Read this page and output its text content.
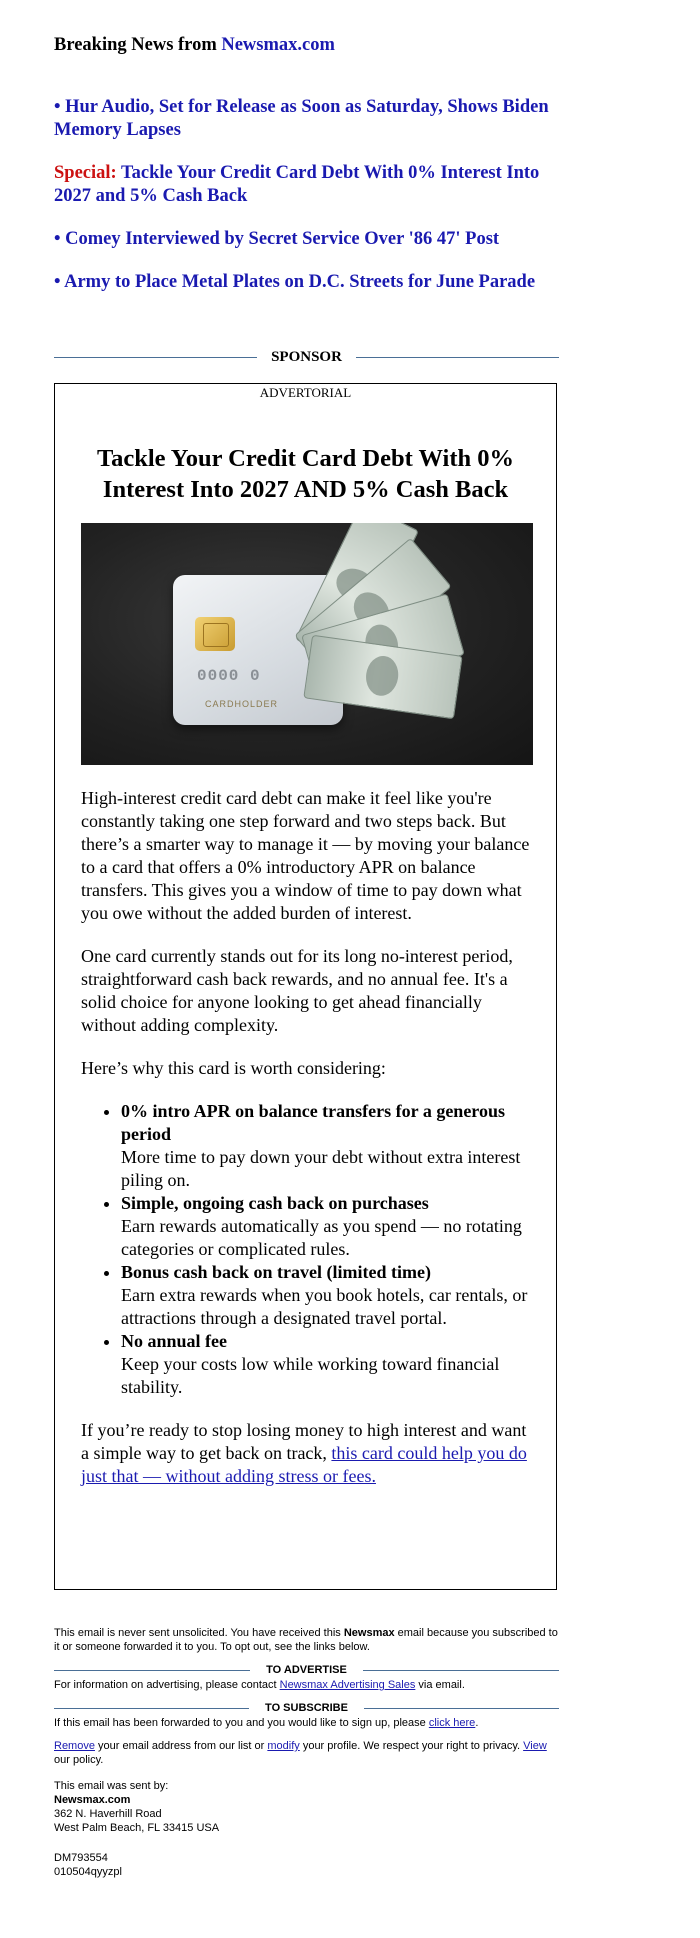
Breaking News from Newsmax.com
• Hur Audio, Set for Release as Soon as Saturday, Shows Biden Memory Lapses
Special: Tackle Your Credit Card Debt With 0% Interest Into 2027 and 5% Cash Back
• Comey Interviewed by Secret Service Over '86 47' Post
• Army to Place Metal Plates on D.C. Streets for June Parade
SPONSOR
ADVERTORIAL
Tackle Your Credit Card Debt With 0% Interest Into 2027 AND 5% Cash Back
0000 0
CARDHOLDER

High-interest credit card debt can make it feel like you're constantly taking one step forward and two steps back. But there’s a smarter way to manage it — by moving your balance to a card that offers a 0% introductory APR on balance transfers. This gives you a window of time to pay down what you owe without the added burden of interest.

One card currently stands out for its long no-interest period, straightforward cash back rewards, and no annual fee. It's a solid choice for anyone looking to get ahead financially without adding complexity.

Here’s why this card is worth considering:

• 0% intro APR on balance transfers for a generous period
More time to pay down your debt without extra interest piling on.
• Simple, ongoing cash back on purchases
Earn rewards automatically as you spend — no rotating categories or complicated rules.
• Bonus cash back on travel (limited time)
Earn extra rewards when you book hotels, car rentals, or attractions through a designated travel portal.
• No annual fee
Keep your costs low while working toward financial stability.

If you’re ready to stop losing money to high interest and want a simple way to get back on track, this card could help you do just that — without adding stress or fees.

This email is never sent unsolicited. You have received this Newsmax email because you subscribed to it or someone forwarded it to you. To opt out, see the links below.

TO ADVERTISE

For information on advertising, please contact Newsmax Advertising Sales via email.

TO SUBSCRIBE

If this email has been forwarded to you and you would like to sign up, please click here.

Remove your email address from our list or modify your profile. We respect your right to privacy. View our policy.

This email was sent by:
Newsmax.com
362 N. Haverhill Road
West Palm Beach, FL 33415 USA
DM793554
010504qyyzpl
